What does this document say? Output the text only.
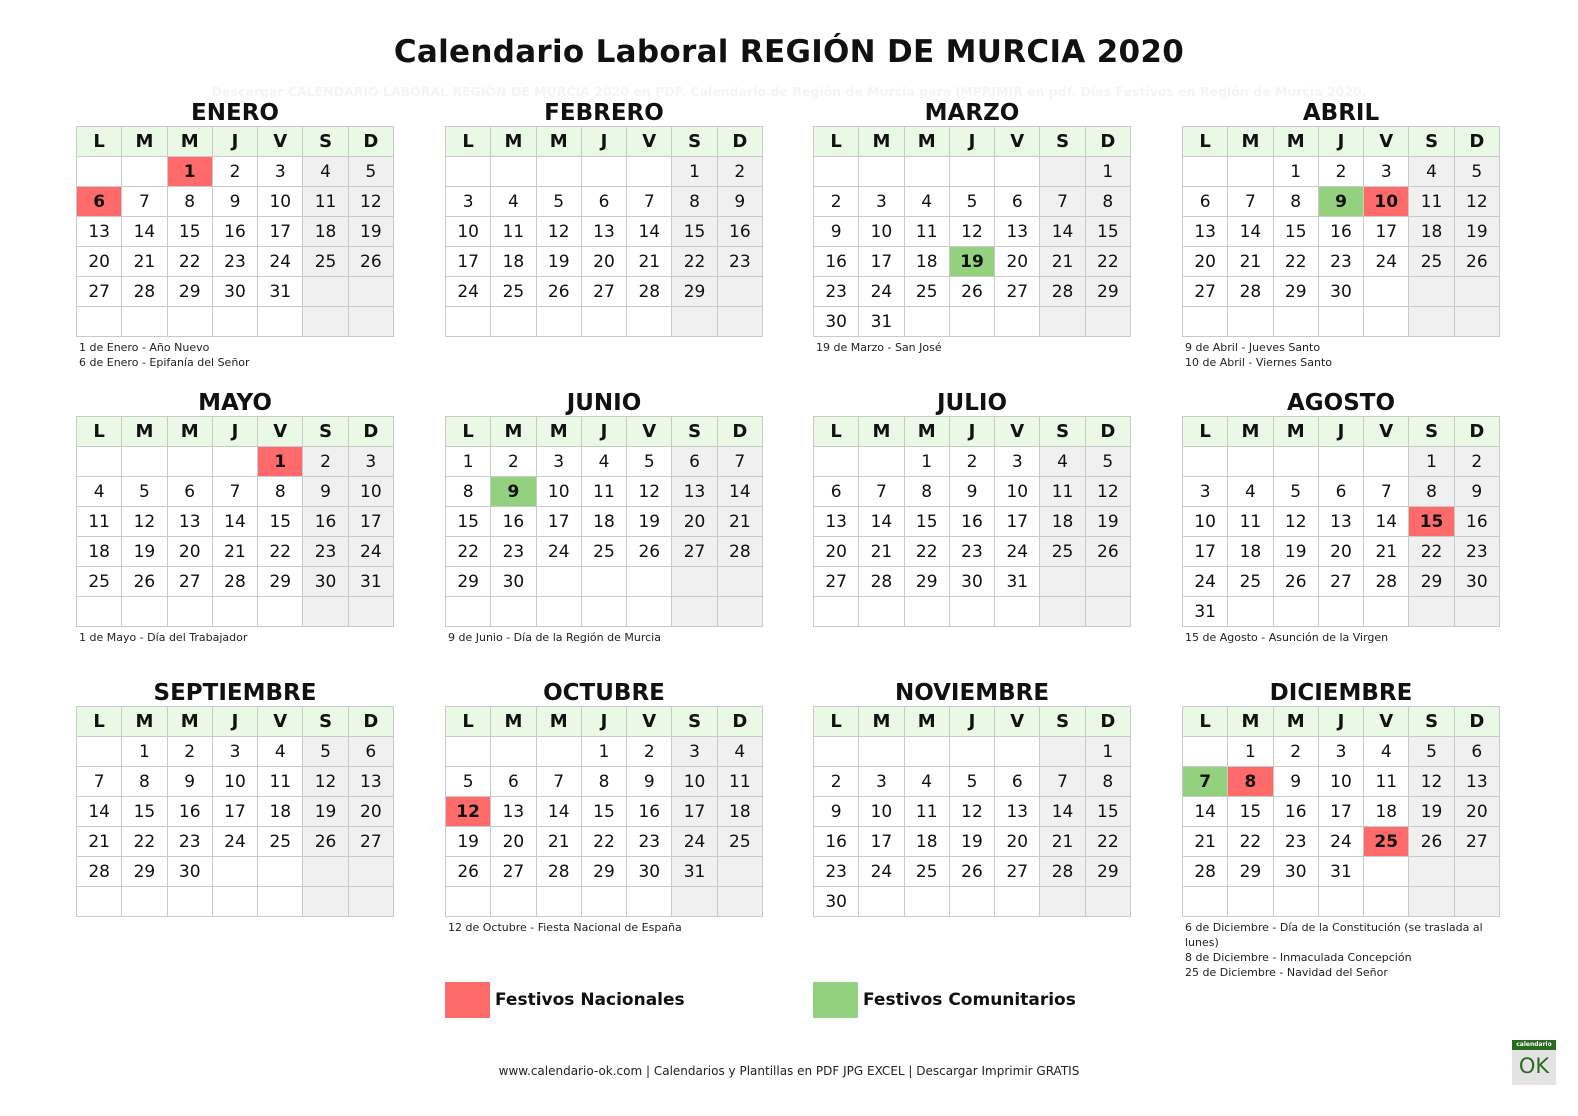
Calendario Laboral REGIÓN DE MURCIA 2020
Descargar CALENDARIO LABORAL REGIÓN DE MURCIA 2020 en PDF. Calendario de Región de Murcia para IMPRIMIR en pdf. Días Festivos en Región de Murcia 2020.
ENERO
L	M	M	J	V	S	D
		1	2	3	4	5
6	7	8	9	10	11	12
13	14	15	16	17	18	19
20	21	22	23	24	25	26
27	28	29	30	31		

1 de Enero - Año Nuevo
6 de Enero - Epifanía del Señor
FEBRERO
L	M	M	J	V	S	D
					1	2
3	4	5	6	7	8	9
10	11	12	13	14	15	16
17	18	19	20	21	22	23
24	25	26	27	28	29	

MARZO
L	M	M	J	V	S	D
						1
2	3	4	5	6	7	8
9	10	11	12	13	14	15
16	17	18	19	20	21	22
23	24	25	26	27	28	29
30	31					
19 de Marzo - San José
ABRIL
L	M	M	J	V	S	D
		1	2	3	4	5
6	7	8	9	10	11	12
13	14	15	16	17	18	19
20	21	22	23	24	25	26
27	28	29	30			

9 de Abril - Jueves Santo
10 de Abril - Viernes Santo
MAYO
L	M	M	J	V	S	D
				1	2	3
4	5	6	7	8	9	10
11	12	13	14	15	16	17
18	19	20	21	22	23	24
25	26	27	28	29	30	31

1 de Mayo - Día del Trabajador
JUNIO
L	M	M	J	V	S	D
1	2	3	4	5	6	7
8	9	10	11	12	13	14
15	16	17	18	19	20	21
22	23	24	25	26	27	28
29	30					

9 de Junio - Día de la Región de Murcia
JULIO
L	M	M	J	V	S	D
		1	2	3	4	5
6	7	8	9	10	11	12
13	14	15	16	17	18	19
20	21	22	23	24	25	26
27	28	29	30	31		

AGOSTO
L	M	M	J	V	S	D
					1	2
3	4	5	6	7	8	9
10	11	12	13	14	15	16
17	18	19	20	21	22	23
24	25	26	27	28	29	30
31						
15 de Agosto - Asunción de la Virgen
SEPTIEMBRE
L	M	M	J	V	S	D
	1	2	3	4	5	6
7	8	9	10	11	12	13
14	15	16	17	18	19	20
21	22	23	24	25	26	27
28	29	30				

OCTUBRE
L	M	M	J	V	S	D
			1	2	3	4
5	6	7	8	9	10	11
12	13	14	15	16	17	18
19	20	21	22	23	24	25
26	27	28	29	30	31	

12 de Octubre - Fiesta Nacional de España
NOVIEMBRE
L	M	M	J	V	S	D
						1
2	3	4	5	6	7	8
9	10	11	12	13	14	15
16	17	18	19	20	21	22
23	24	25	26	27	28	29
30						
DICIEMBRE
L	M	M	J	V	S	D
	1	2	3	4	5	6
7	8	9	10	11	12	13
14	15	16	17	18	19	20
21	22	23	24	25	26	27
28	29	30	31			

6 de Diciembre - Día de la Constitución (se traslada al lunes)
8 de Diciembre - Inmaculada Concepción
25 de Diciembre - Navidad del Señor
Festivos Nacionales	Festivos Comunitarios
www.calendario-ok.com | Calendarios y Plantillas en PDF JPG EXCEL | Descargar Imprimir GRATIS
calendario
OK
